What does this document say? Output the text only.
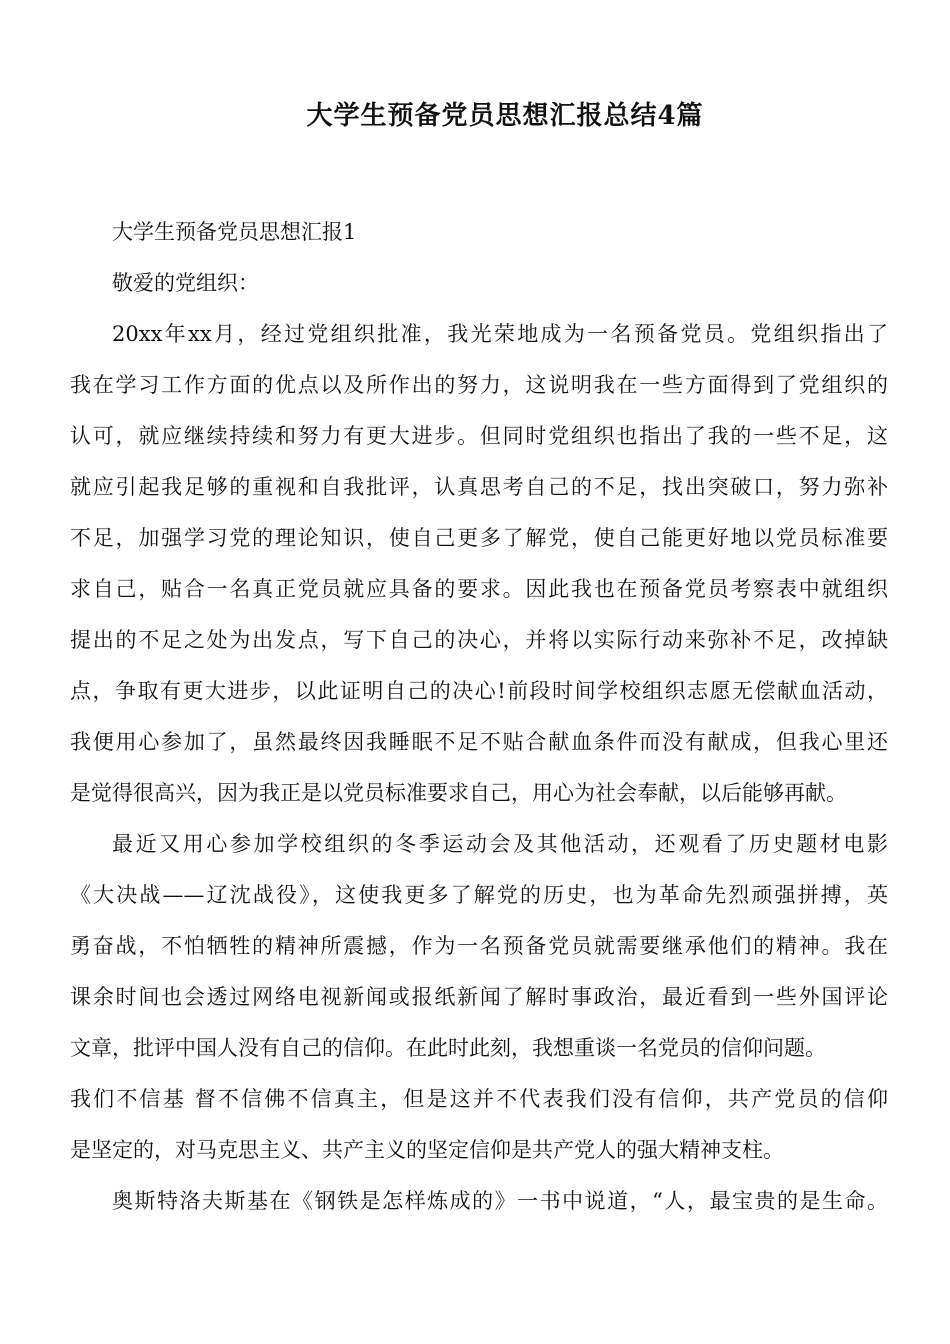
大学生预备党员思想汇报总结4篇
大学生预备党员思想汇报1
敬爱的党组织：
20xx年xx月，经过党组织批准，我光荣地成为一名预备党员。党组织指出了
我在学习工作方面的优点以及所作出的努力，这说明我在一些方面得到了党组织的
认可，就应继续持续和努力有更大进步。但同时党组织也指出了我的一些不足，这
就应引起我足够的重视和自我批评，认真思考自己的不足，找出突破口，努力弥补
不足，加强学习党的理论知识，使自己更多了解党，使自己能更好地以党员标准要
求自己，贴合一名真正党员就应具备的要求。因此我也在预备党员考察表中就组织
提出的不足之处为出发点，写下自己的决心，并将以实际行动来弥补不足，改掉缺
点，争取有更大进步，以此证明自己的决心!前段时间学校组织志愿无偿献血活动，
我便用心参加了，虽然最终因我睡眠不足不贴合献血条件而没有献成，但我心里还
是觉得很高兴，因为我正是以党员标准要求自己，用心为社会奉献，以后能够再献。
最近又用心参加学校组织的冬季运动会及其他活动，还观看了历史题材电影
《大决战——辽沈战役》，这使我更多了解党的历史，也为革命先烈顽强拼搏，英
勇奋战，不怕牺牲的精神所震撼，作为一名预备党员就需要继承他们的精神。我在
课余时间也会透过网络电视新闻或报纸新闻了解时事政治，最近看到一些外国评论
文章，批评中国人没有自己的信仰。在此时此刻，我想重谈一名党员的信仰问题。
我们不信基 督不信佛不信真主，但是这并不代表我们没有信仰，共产党员的信仰
是坚定的，对马克思主义、共产主义的坚定信仰是共产党人的强大精神支柱。
奥斯特洛夫斯基在《钢铁是怎样炼成的》一书中说道，“人，最宝贵的是生命。
